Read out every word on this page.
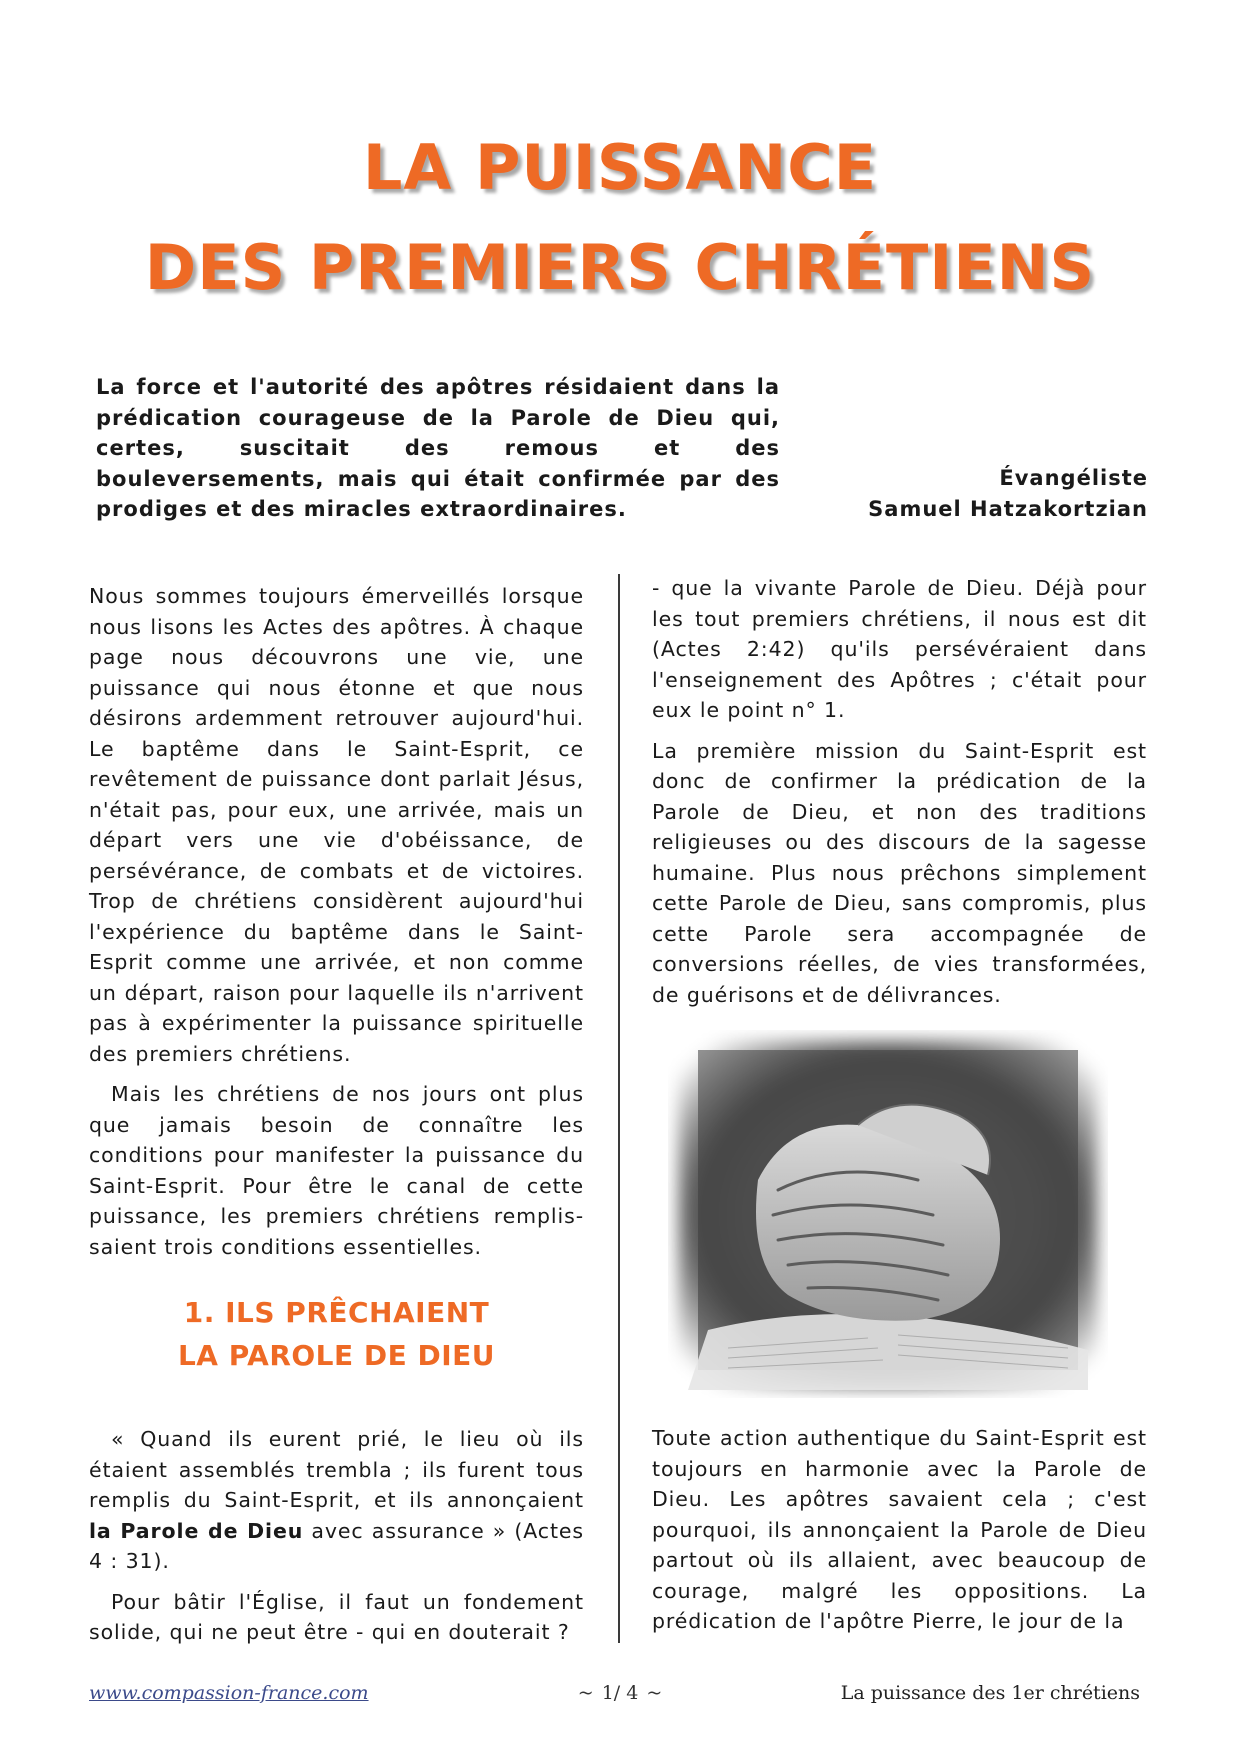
LA PUISSANCE
DES PREMIERS CHRÉTIENS
La force et l'autorité des apôtres résidaient dans la prédication courageuse de la Parole de Dieu qui, certes, suscitait des remous et des bouleversements, mais qui était confirmée par des prodiges et des miracles extraordinaires.
Évangéliste
Samuel Hatzakortzian

Nous sommes toujours émerveillés lorsque nous lisons les Actes des apôtres. À chaque page nous découvrons une vie, une puissance qui nous étonne et que nous désirons ardemment retrouver aujourd'hui. Le baptême dans le Saint-Esprit, ce revêtement de puissance dont parlait Jésus, n'était pas, pour eux, une arrivée, mais un départ vers une vie d'obéissance, de persévérance, de combats et de victoires. Trop de chrétiens considèrent aujourd'hui l'expérience du baptême dans le Saint-Esprit comme une arrivée, et non comme un départ, raison pour laquelle ils n'arrivent pas à expérimenter la puissance spirituelle des premiers chrétiens.

Mais les chrétiens de nos jours ont plus que jamais besoin de connaître les conditions pour manifester la puissance du Saint-Esprit. Pour être le canal de cette puissance, les premiers chrétiens remplis-saient trois conditions essentielles.

1. ILS PRÊCHAIENT
LA PAROLE DE DIEU

« Quand ils eurent prié, le lieu où ils étaient assemblés trembla ; ils furent tous remplis du Saint-Esprit, et ils annonçaient la Parole de Dieu avec assurance » (Actes 4 : 31).

Pour bâtir l'Église, il faut un fondement solide, qui ne peut être - qui en douterait ?

- que la vivante Parole de Dieu. Déjà pour les tout premiers chrétiens, il nous est dit (Actes 2:42) qu'ils persévéraient dans l'enseignement des Apôtres ; c'était pour eux le point n° 1.

La première mission du Saint-Esprit est donc de confirmer la prédication de la Parole de Dieu, et non des traditions religieuses ou des discours de la sagesse humaine. Plus nous prêchons simplement cette Parole de Dieu, sans compromis, plus cette Parole sera accompagnée de conversions réelles, de vies transformées, de guérisons et de délivrances.

Toute action authentique du Saint-Esprit est toujours en harmonie avec la Parole de Dieu. Les apôtres savaient cela ; c'est pourquoi, ils annonçaient la Parole de Dieu partout où ils allaient, avec beaucoup de courage, malgré les oppositions. La prédication de l'apôtre Pierre, le jour de la

www.compassion-france.com	~ 1/ 4 ~	La puissance des 1er chrétiens
